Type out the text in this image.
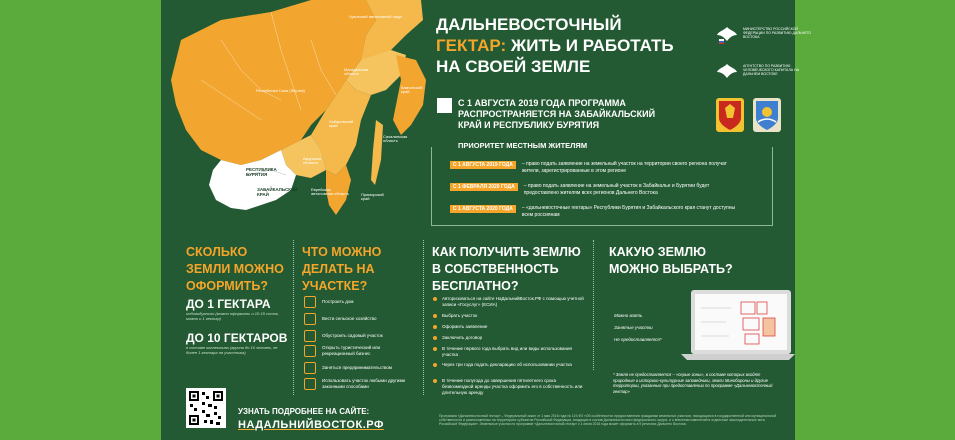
Чукотский автономный округ
Магаданская область
Камчатский край
Республика Саха (Якутия)
Хабаровский край
Сахалинская область
Амурская область
Еврейская автономная область	Приморский край
РЕСПУБЛИКА БУРЯТИЯ
ЗАБАЙКАЛЬСКИЙ КРАЙ
ДАЛЬНЕВОСТОЧНЫЙ
ГЕКТАР: ЖИТЬ И РАБОТАТЬ
НА СВОЕЙ ЗЕМЛЕ
МИНИСТЕРСТВО РОССИЙСКОЙ ФЕДЕРАЦИИ ПО РАЗВИТИЮ ДАЛЬНЕГО ВОСТОКА
АГЕНТСТВО ПО РАЗВИТИЮ ЧЕЛОВЕЧЕСКОГО КАПИТАЛА НА ДАЛЬНЕМ ВОСТОКЕ
С 1 АВГУСТА 2019 ГОДА ПРОГРАММА РАСПРОСТРАНЯЕТСЯ НА ЗАБАЙКАЛЬСКИЙ КРАЙ И РЕСПУБЛИКУ БУРЯТИЯ
ПРИОРИТЕТ МЕСТНЫМ ЖИТЕЛЯМ
С 1 АВГУСТА 2019 ГОДА	– право подать заявление на земельный участок на территории своего региона получат жители, зарегистрированные в этом регионе
С 1 ФЕВРАЛЯ 2020 ГОДА	– право подать заявление на земельный участок в Забайкалье и Бурятии будет предоставлено жителям всех регионов Дальнего Востока
С 1 АВГУСТА 2020 ГОДА	– «дальневосточные гектары» Республики Бурятия и Забайкальского края станут доступны всем россиянам
СКОЛЬКО
ЗЕМЛИ МОЖНО
ОФОРМИТЬ?
ДО 1 ГЕКТАРА
индивидуально (можно оформить и 10-15 соток, можно и 1 гектар)
ДО 10 ГЕКТАРОВ
в составе коллектива (группа до 10 человек, не более 1 гектара на участника)
ЧТО МОЖНО
ДЕЛАТЬ НА
УЧАСТКЕ?
Построить дом
Вести сельское хозяйство
Обустроить садовый участок
Открыть туристический или рекреационный бизнес
Заняться предпринимательством
Использовать участок любыми другими законными способами
КАК ПОЛУЧИТЬ ЗЕМЛЮ
В СОБСТВЕННОСТЬ
БЕСПЛАТНО?
Авторизоваться на сайте НаДальнийВосток.РФ с помощью учетной записи «Госуслуг» (ЕСИА)
Выбрать участок
Оформить заявление
Заключить договор
В течение первого года выбрать вид или виды использования участка
Через три года подать декларацию об использовании участка
В течение полугода до завершения пятилетнего срока безвозмездной аренды участка оформить его в собственность или длительную аренду
КАКУЮ ЗЕМЛЮ
МОЖНО ВЫБРАТЬ?
Можно взять
Занятые участки
Не предоставляется*
* Земля не предоставляется – «серые зоны», в составе которых входят природные и историко-культурные заповедники, земли Минобороны и другие территории, указанные при предоставлении по программе «Дальневосточный гектар»
УЗНАТЬ ПОДРОБНЕЕ НА САЙТЕ:
НАДАЛЬНИЙВОСТОК.РФ
Программа «Дальневосточный гектар» – Федеральный закон от 1 мая 2016 года № 119-ФЗ «Об особенностях предоставления гражданам земельных участков, находящихся в государственной или муниципальной собственности и расположенных на территориях субъектов Российской Федерации, входящих в состав Дальневосточного федерального округа, и о внесении изменений в отдельные законодательные акты Российской Федерации». Земельные участки по программе «Дальневосточный гектар» с 1 июля 2016 года может оформить в 9 регионах Дальнего Востока.
